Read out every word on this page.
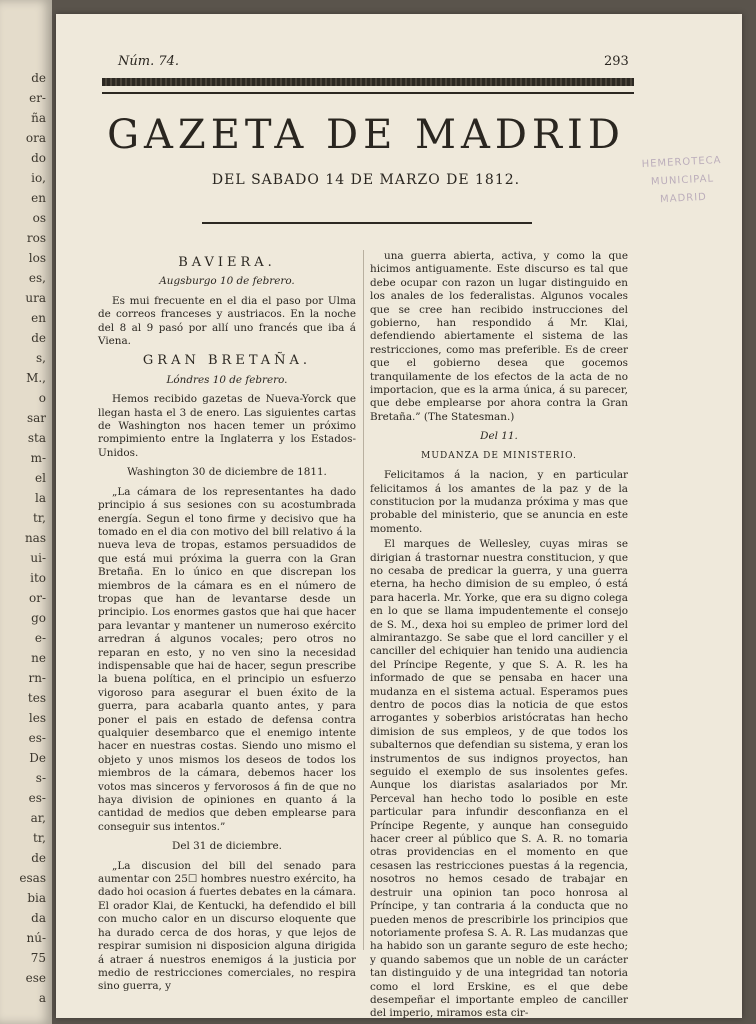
de
er-
ña
ora
do
io,
en
os
ros
los
es,
ura
en
de
s,
M.,
o
sar
sta
m-
el
la
tr,
nas
ui-
ito
or-
go
e-
ne
rn-
tes
les
es-
De
s-
es-
ar,
tr,
de
esas
bia
da
nú-
75
ese
a
Núm. 74.	293
GAZETA DE MADRID
DEL SABADO 14 DE MARZO DE 1812.
HEMEROTECA
MUNICIPAL
MADRID

BAVIERA.

Augsburgo 10 de febrero.

Es mui frecuente en el dia el paso por Ulma de correos franceses y austriacos. En la noche del 8 al 9 pasó por allí uno francés que iba á Viena.

GRAN BRETAÑA.

Lóndres 10 de febrero.

Hemos recibido gazetas de Nueva-Yorck que llegan hasta el 3 de enero. Las siguientes cartas de Washington nos hacen temer un próximo rompimiento entre la Inglaterra y los Estados-Unidos.

Washington 30 de diciembre de 1811.

„La cámara de los representantes ha dado principio á sus sesiones con su acostumbrada energía. Segun el tono firme y decisivo que ha tomado en el dia con motivo del bill relativo á la nueva leva de tropas, estamos persuadidos de que está mui próxima la guerra con la Gran Bretaña. En lo único en que discrepan los miembros de la cámara es en el número de tropas que han de levantarse desde un principio. Los enormes gastos que hai que hacer para levantar y mantener un numeroso exército arredran á algunos vocales; pero otros no reparan en esto, y no ven sino la necesidad indispensable que hai de hacer, segun prescribe la buena política, en el principio un esfuerzo vigoroso para asegurar el buen éxito de la guerra, para acabarla quanto antes, y para poner el pais en estado de defensa contra qualquier desembarco que el enemigo intente hacer en nuestras costas. Siendo uno mismo el objeto y unos mismos los deseos de todos los miembros de la cámara, debemos hacer los votos mas sinceros y fervorosos á fin de que no haya division de opiniones en quanto á la cantidad de medios que deben emplearse para conseguir sus intentos.”

Del 31 de diciembre.

„La discusion del bill del senado para aumentar con 25☐ hombres nuestro exército, ha dado hoi ocasion á fuertes debates en la cámara. El orador Klai, de Kentucki, ha defendido el bill con mucho calor en un discurso eloquente que ha durado cerca de dos horas, y que lejos de respirar sumision ni disposicion alguna dirigida á atraer á nuestros enemigos á la justicia por medio de restricciones comerciales, no respira sino guerra, y

una guerra abierta, activa, y como la que hicimos antiguamente. Este discurso es tal que debe ocupar con razon un lugar distinguido en los anales de los federalistas. Algunos vocales que se cree han recibido instrucciones del gobierno, han respondido á Mr. Klai, defendiendo abiertamente el sistema de las restricciones, como mas preferible. Es de creer que el gobierno desea que gocemos tranquilamente de los efectos de la acta de no importacion, que es la arma única, á su parecer, que debe emplearse por ahora contra la Gran Bretaña.” (The Statesman.)

Del 11.

MUDANZA DE MINISTERIO.

Felicitamos á la nacion, y en particular felicitamos á los amantes de la paz y de la constitucion por la mudanza próxima y mas que probable del ministerio, que se anuncia en este momento.

El marques de Wellesley, cuyas miras se dirigian á trastornar nuestra constitucion, y que no cesaba de predicar la guerra, y una guerra eterna, ha hecho dimision de su empleo, ó está para hacerla. Mr. Yorke, que era su digno colega en lo que se llama impudentemente el consejo de S. M., dexa hoi su empleo de primer lord del almirantazgo. Se sabe que el lord canciller y el canciller del echiquier han tenido una audiencia del Príncipe Regente, y que S. A. R. les ha informado de que se pensaba en hacer una mudanza en el sistema actual. Esperamos pues dentro de pocos dias la noticia de que estos arrogantes y soberbios aristócratas han hecho dimision de sus empleos, y de que todos los subalternos que defendian su sistema, y eran los instrumentos de sus indignos proyectos, han seguido el exemplo de sus insolentes gefes. Aunque los diaristas asalariados por Mr. Perceval han hecho todo lo posible en este particular para infundir desconfianza en el Príncipe Regente, y aunque han conseguido hacer creer al público que S. A. R. no tomaria otras providencias en el momento en que cesasen las restricciones puestas á la regencia, nosotros no hemos cesado de trabajar en destruir una opinion tan poco honrosa al Príncipe, y tan contraria á la conducta que no pueden menos de prescribirle los principios que notoriamente profesa S. A. R. Las mudanzas que ha habido son un garante seguro de este hecho; y quando sabemos que un noble de un carácter tan distinguido y de una integridad tan notoria como el lord Erskine, es el que debe desempeñar el importante empleo de canciller del imperio, miramos esta cir-
